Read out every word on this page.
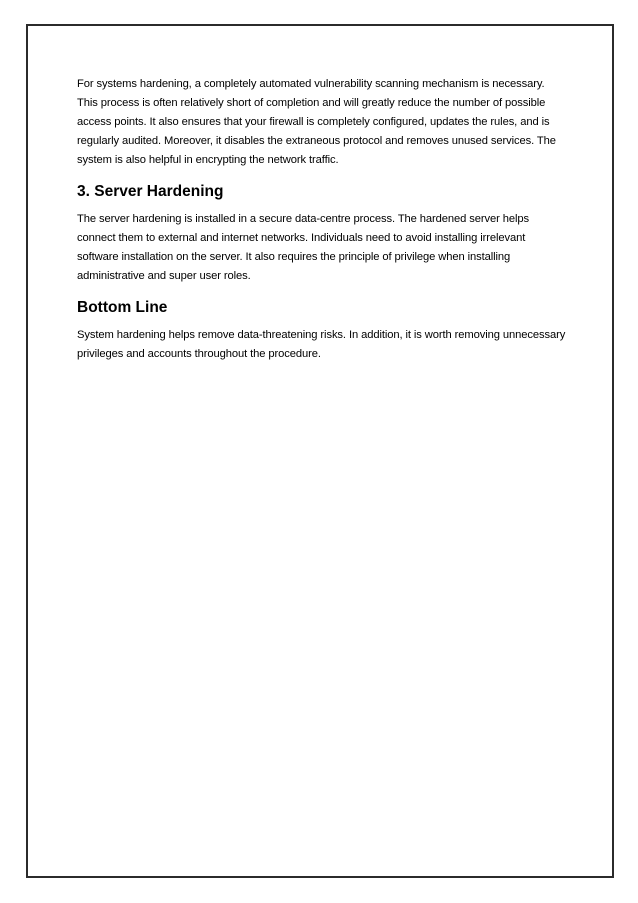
For systems hardening, a completely automated vulnerability scanning mechanism is necessary. This process is often relatively short of completion and will greatly reduce the number of possible access points. It also ensures that your firewall is completely configured, updates the rules, and is regularly audited. Moreover, it disables the extraneous protocol and removes unused services. The system is also helpful in encrypting the network traffic.

3. Server Hardening

The server hardening is installed in a secure data-centre process. The hardened server helps connect them to external and internet networks. Individuals need to avoid installing irrelevant software installation on the server. It also requires the principle of privilege when installing administrative and super user roles.

Bottom Line

System hardening helps remove data-threatening risks. In addition, it is worth removing unnecessary privileges and accounts throughout the procedure.
